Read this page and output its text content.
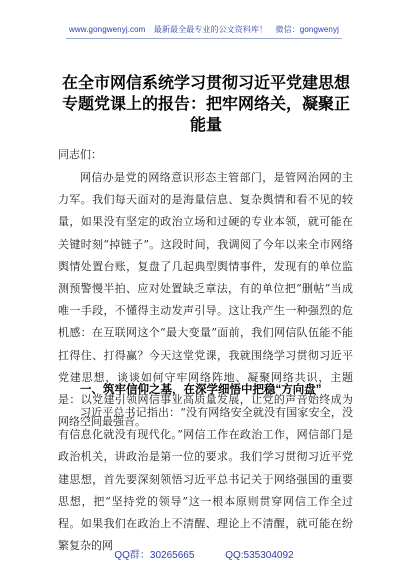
www.gongwenyj.com 最新最全最专业的公文资料库！ 微信：gongwenyj
在全市网信系统学习贯彻习近平党建思想专题党课上的报告：把牢网络关，凝聚正能量
同志们：
网信办是党的网络意识形态主管部门，是管网治网的主力军。我们每天面对的是海量信息、复杂舆情和看不见的较量，如果没有坚定的政治立场和过硬的专业本领，就可能在关键时刻“掉链子”。这段时间，我调阅了今年以来全市网络舆情处置台账，复盘了几起典型舆情事件，发现有的单位监测预警慢半拍、应对处置缺乏章法，有的单位把“删帖”当成唯一手段，不懂得主动发声引导。这让我产生一种强烈的危机感：在互联网这个“最大变量”面前，我们网信队伍能不能扛得住、打得赢？今天这堂党课，我就围绕学习贯彻习近平党建思想，谈谈如何守牢网络阵地、凝聚网络共识，主题是：以党建引领网信事业高质量发展，让党的声音始终成为网络空间最强音。
一、筑牢信仰之基，在深学细悟中把稳“方向盘”
习近平总书记指出：“没有网络安全就没有国家安全，没有信息化就没有现代化。”网信工作在政治工作，网信部门是政治机关，讲政治是第一位的要求。我们学习贯彻习近平党建思想，首先要深刻领悟习近平总书记关于网络强国的重要思想，把“坚持党的领导”这一根本原则贯穿网信工作全过程。如果我们在政治上不清醒、理论上不清醒，就可能在纷繁复杂的网
QQ群：30265665	QQ:535304092
